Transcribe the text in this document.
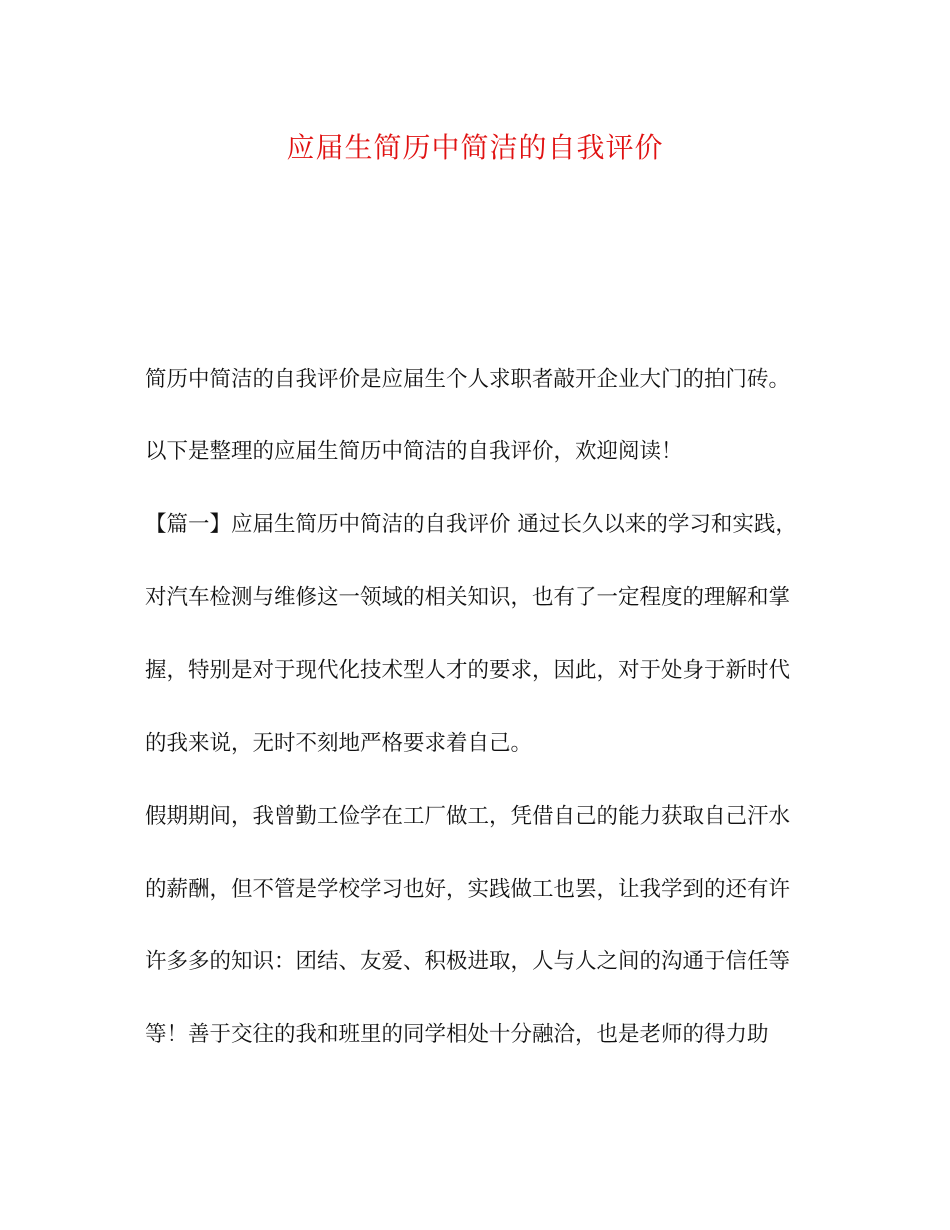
应届生简历中简洁的自我评价
简历中简洁的自我评价是应届生个人求职者敲开企业大门的拍门砖。
以下是整理的应届生简历中简洁的自我评价，欢迎阅读！
【篇一】应届生简历中简洁的自我评价 通过长久以来的学习和实践，
对汽车检测与维修这一领域的相关知识，也有了一定程度的理解和掌
握，特别是对于现代化技术型人才的要求，因此，对于处身于新时代
的我来说，无时不刻地严格要求着自己。
假期期间，我曾勤工俭学在工厂做工，凭借自己的能力获取自己汗水
的薪酬，但不管是学校学习也好，实践做工也罢，让我学到的还有许
许多多的知识：团结、友爱、积极进取，人与人之间的沟通于信任等
等！善于交往的我和班里的同学相处十分融洽，也是老师的得力助
